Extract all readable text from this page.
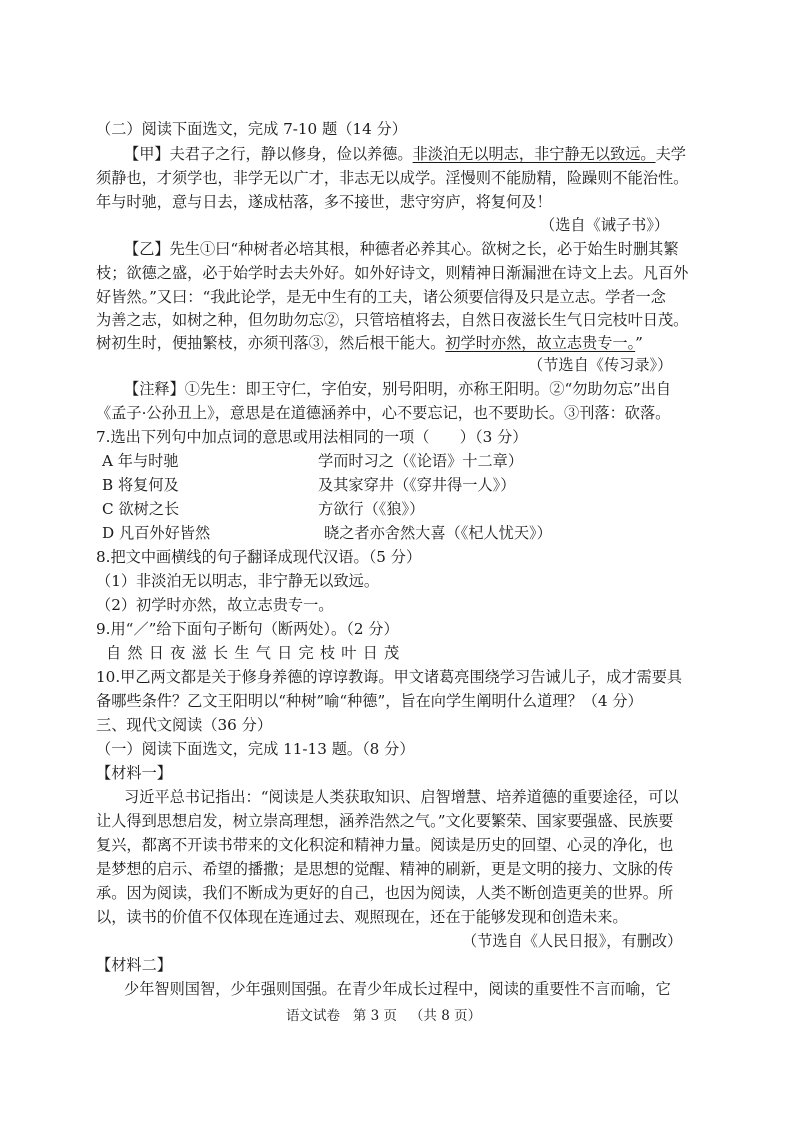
（二）阅读下面选文，完成 7-10 题（14 分）
【甲】夫君子之行，静以修身，俭以养德。非淡泊无以明志，非宁静无以致远。夫学
须静也，才须学也，非学无以广才，非志无以成学。淫慢则不能励精，险躁则不能治性。
年与时驰，意与日去，遂成枯落，多不接世，悲守穷庐，将复何及！
（选自《诫子书》）
【乙】先生①曰“种树者必培其根，种德者必养其心。欲树之长，必于始生时删其繁
枝；欲德之盛，必于始学时去夫外好。如外好诗文，则精神日渐漏泄在诗文上去。凡百外
好皆然。”又曰：“我此论学，是无中生有的工夫，诸公须要信得及只是立志。学者一念
为善之志，如树之种，但勿助勿忘②，只管培植将去，自然日夜滋长生气日完枝叶日茂。
树初生时，便抽繁枝，亦须刊落③，然后根干能大。初学时亦然，故立志贵专一。”
（节选自《传习录》）
【注释】①先生：即王守仁，字伯安，别号阳明，亦称王阳明。②“勿助勿忘”出自
《孟子·公孙丑上》，意思是在道德涵养中，心不要忘记，也不要助长。③刊落：砍落。
7.选出下列句中加点词的意思或用法相同的一项（　　）（3 分）
A 年与时驰	学而时习之（《论语》十二章）
B 将复何及	及其家穿井（《穿井得一人》）
C 欲树之长	方欲行（《狼》）
D 凡百外好皆然	晓之者亦舍然大喜（《杞人忧天》）
8.把文中画横线的句子翻译成现代汉语。（5 分）
（1）非淡泊无以明志，非宁静无以致远。
（2）初学时亦然，故立志贵专一。
9.用“／”给下面句子断句（断两处）。（2 分）
自然日夜滋长生气日完枝叶日茂
10.甲乙两文都是关于修身养德的谆谆教诲。甲文诸葛亮围绕学习告诫儿子，成才需要具
备哪些条件？乙文王阳明以“种树”喻“种德”，旨在向学生阐明什么道理？（4 分）
三、现代文阅读（36 分）
（一）阅读下面选文，完成 11-13 题。（8 分）
【材料一】
习近平总书记指出：“阅读是人类获取知识、启智增慧、培养道德的重要途径，可以
让人得到思想启发，树立崇高理想，涵养浩然之气。”文化要繁荣、国家要强盛、民族要
复兴，都离不开读书带来的文化积淀和精神力量。阅读是历史的回望、心灵的净化，也
是梦想的启示、希望的播撒；是思想的觉醒、精神的刷新，更是文明的接力、文脉的传
承。因为阅读，我们不断成为更好的自己，也因为阅读，人类不断创造更美的世界。所
以，读书的价值不仅体现在连通过去、观照现在，还在于能够发现和创造未来。
（节选自《人民日报》，有删改）
【材料二】
少年智则国智，少年强则国强。在青少年成长过程中，阅读的重要性不言而喻，它
语文试卷 第 3 页 （共 8 页）
